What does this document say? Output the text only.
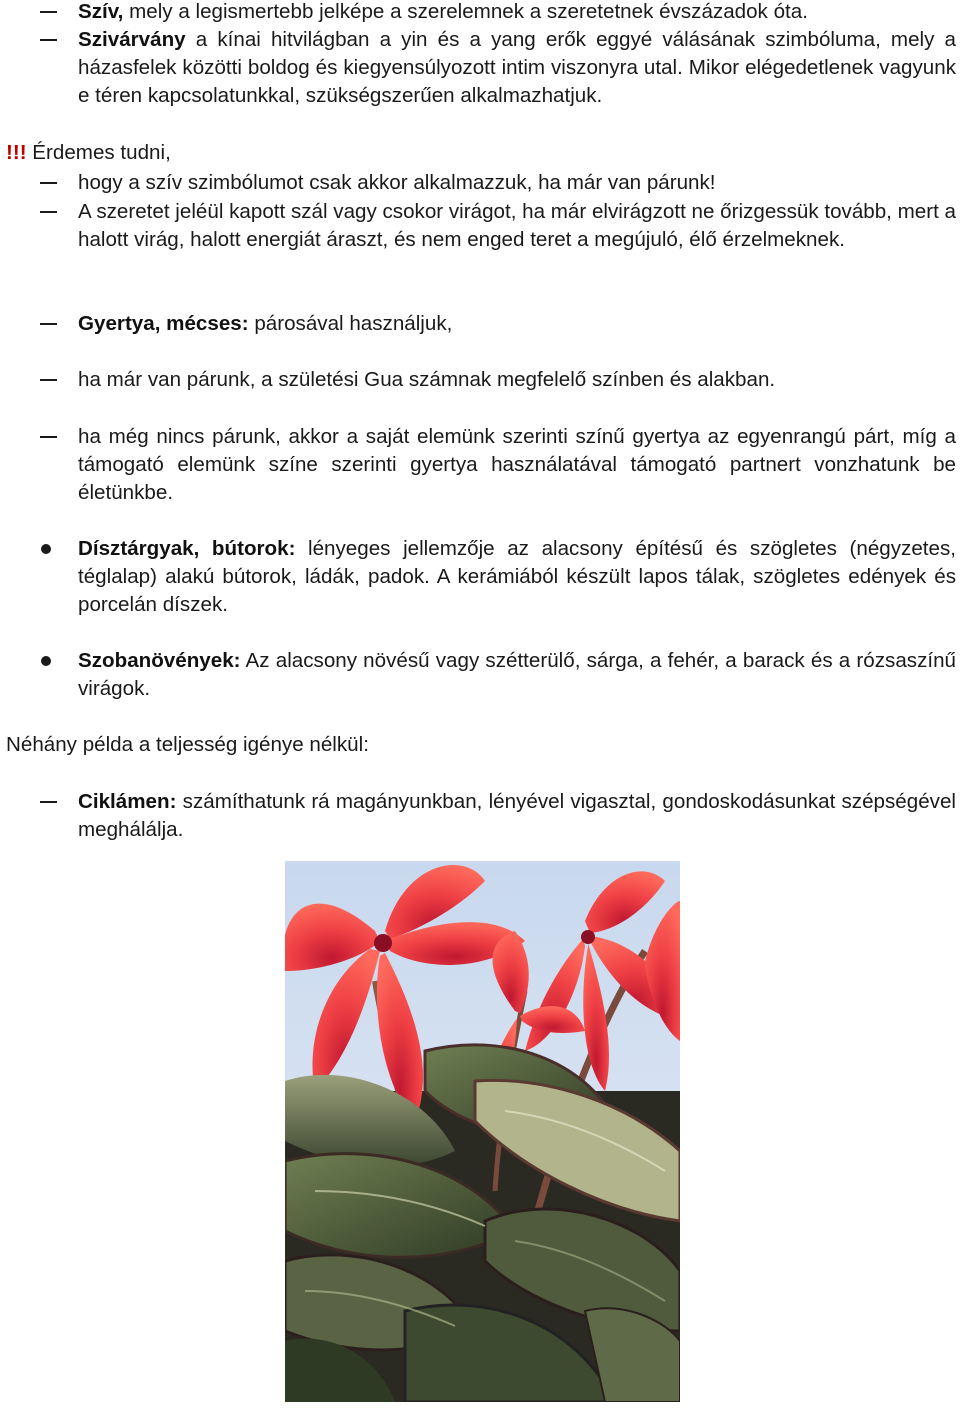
Szív, mely a legismertebb jelképe a szerelemnek a szeretetnek évszázadok óta.
Szivárvány a kínai hitvilágban a yin és a yang erők eggyé válásának szimbóluma, mely a házasfelek közötti boldog és kiegyensúlyozott intim viszonyra utal. Mikor elégedetlenek vagyunk e téren kapcsolatunkkal, szükségszerűen alkalmazhatjuk.
!!! Érdemes tudni,
hogy a szív szimbólumot csak akkor alkalmazzuk, ha már van párunk!
A szeretet jeléül kapott szál vagy csokor virágot, ha már elvirágzott ne őrizgessük tovább, mert a halott virág, halott energiát áraszt, és nem enged teret a megújuló, élő érzelmeknek.
Gyertya, mécses: párosával használjuk,
ha már van párunk, a születési Gua számnak megfelelő színben és alakban.
ha még nincs párunk, akkor a saját elemünk szerinti színű gyertya az egyenrangú párt, míg a támogató elemünk színe szerinti gyertya használatával támogató partnert vonzhatunk be életünkbe.
Dísztárgyak, bútorok: lényeges jellemzője az alacsony építésű és szögletes (négyzetes, téglalap) alakú bútorok, ládák, padok. A kerámiából készült lapos tálak, szögletes edények és porcelán díszek.
Szobanövények: Az alacsony növésű vagy szétterülő, sárga, a fehér, a barack és a rózsaszínű virágok.
Néhány példa a teljesség igénye nélkül:
Ciklámen: számíthatunk rá magányunkban, lényével vigasztal, gondoskodásunkat szépségével meghálálja.
